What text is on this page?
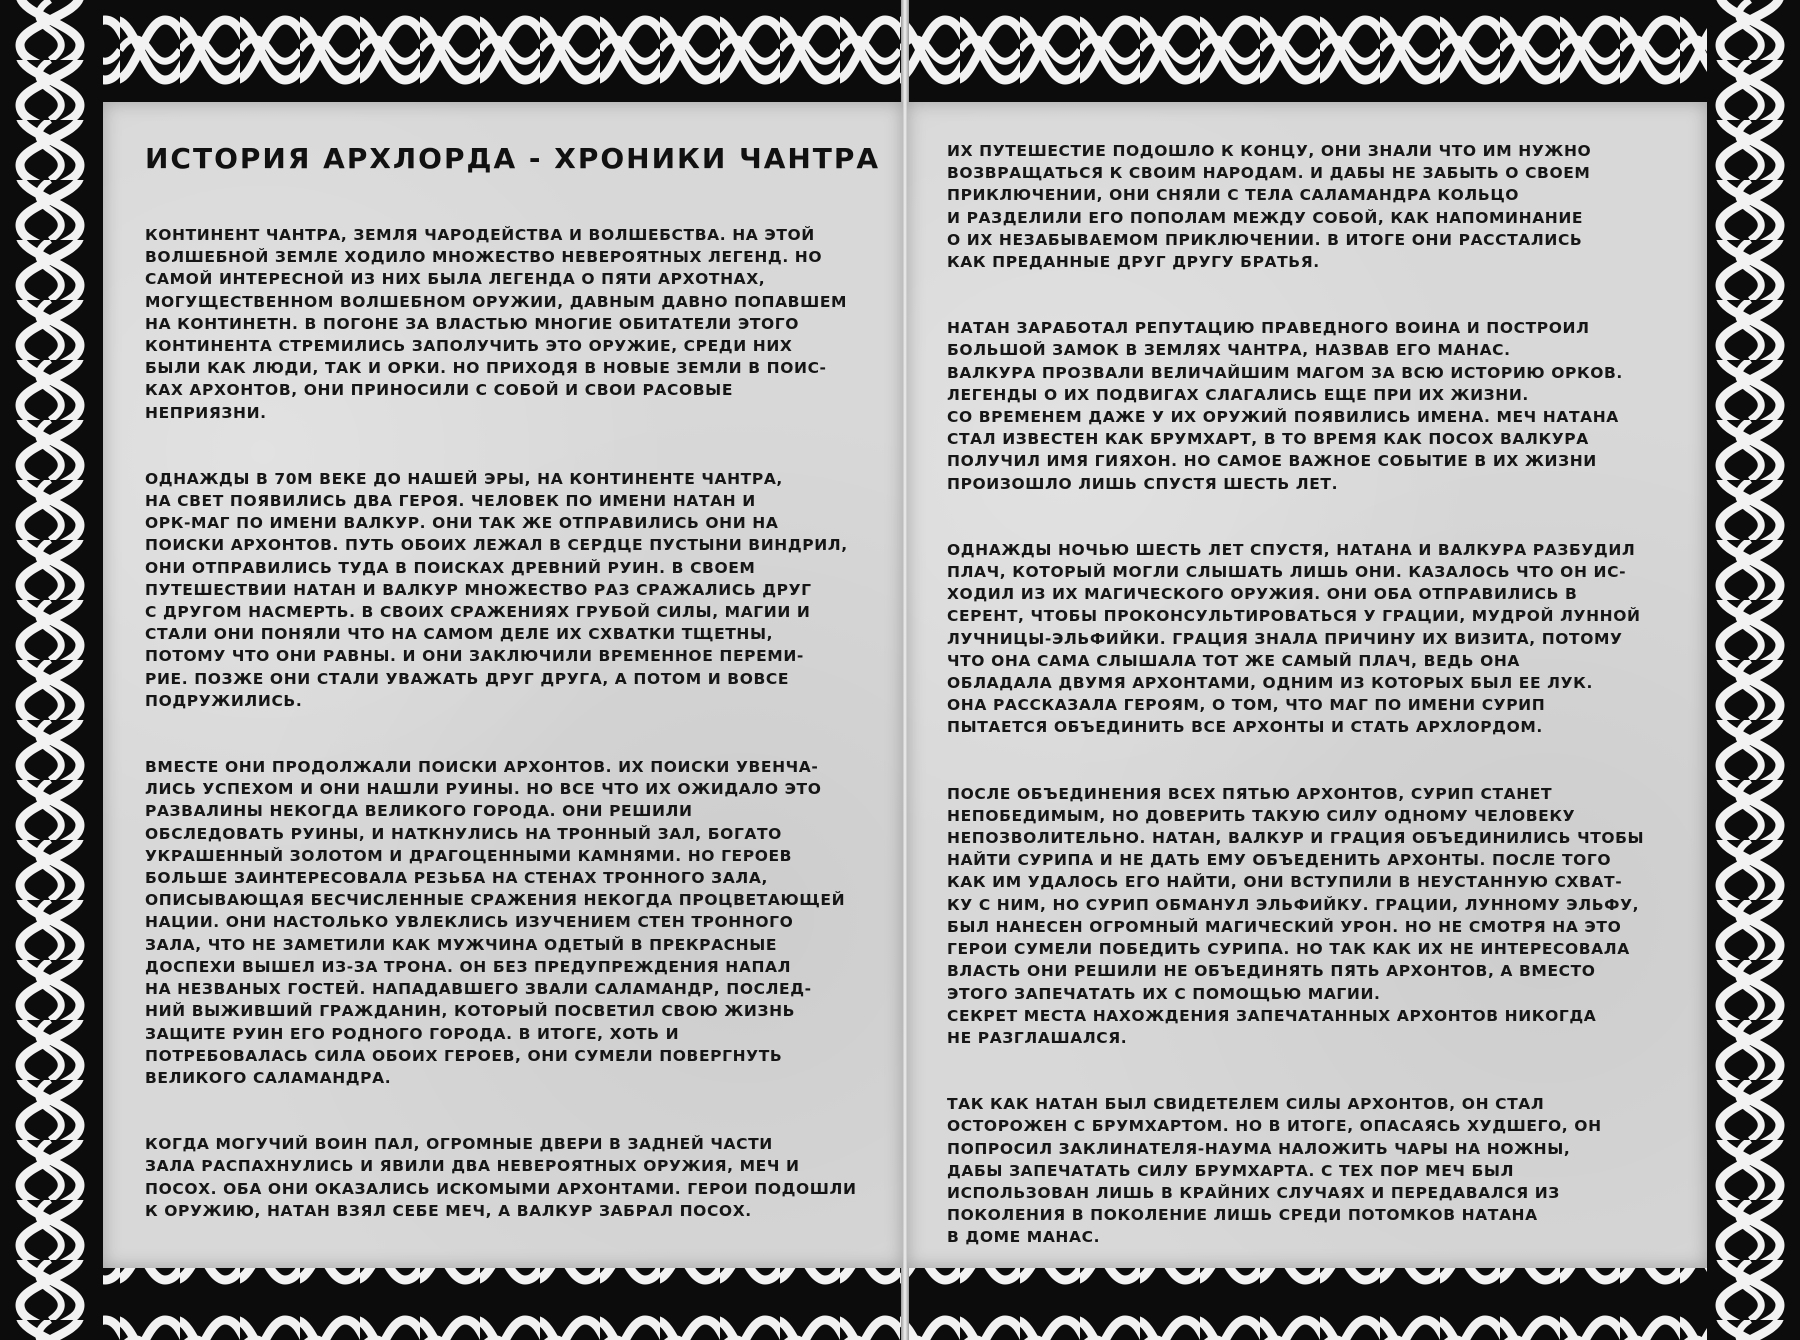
ИСТОРИЯ АРХЛОРДА - ХРОНИКИ ЧАНТРА

КОНТИНЕНТ ЧАНТРА, ЗЕМЛЯ ЧАРОДЕЙСТВА И ВОЛШЕБСТВА. НА ЭТОЙ
ВОЛШЕБНОЙ ЗЕМЛЕ ХОДИЛО МНОЖЕСТВО НЕВЕРОЯТНЫХ ЛЕГЕНД. НО
САМОЙ ИНТЕРЕСНОЙ ИЗ НИХ БЫЛА ЛЕГЕНДА О ПЯТИ АРХОТНАХ,
МОГУЩЕСТВЕННОМ ВОЛШЕБНОМ ОРУЖИИ, ДАВНЫМ ДАВНО ПОПАВШЕМ
НА КОНТИНЕТН. В ПОГОНЕ ЗА ВЛАСТЬЮ МНОГИЕ ОБИТАТЕЛИ ЭТОГО
КОНТИНЕНТА СТРЕМИЛИСЬ ЗАПОЛУЧИТЬ ЭТО ОРУЖИЕ, СРЕДИ НИХ
БЫЛИ КАК ЛЮДИ, ТАК И ОРКИ. НО ПРИХОДЯ В НОВЫЕ ЗЕМЛИ В ПОИС-
КАХ АРХОНТОВ, ОНИ ПРИНОСИЛИ С СОБОЙ И СВОИ РАСОВЫЕ
НЕПРИЯЗНИ.

ОДНАЖДЫ В 70М ВЕКЕ ДО НАШЕЙ ЭРЫ, НА КОНТИНЕНТЕ ЧАНТРА,
НА СВЕТ ПОЯВИЛИСЬ ДВА ГЕРОЯ. ЧЕЛОВЕК ПО ИМЕНИ НАТАН И
ОРК-МАГ ПО ИМЕНИ ВАЛКУР. ОНИ ТАК ЖЕ ОТПРАВИЛИСЬ ОНИ НА
ПОИСКИ АРХОНТОВ. ПУТЬ ОБОИХ ЛЕЖАЛ В СЕРДЦЕ ПУСТЫНИ ВИНДРИЛ,
ОНИ ОТПРАВИЛИСЬ ТУДА В ПОИСКАХ ДРЕВНИЙ РУИН. В СВОЕМ
ПУТЕШЕСТВИИ НАТАН И ВАЛКУР МНОЖЕСТВО РАЗ СРАЖАЛИСЬ ДРУГ
С ДРУГОМ НАСМЕРТЬ. В СВОИХ СРАЖЕНИЯХ ГРУБОЙ СИЛЫ, МАГИИ И
СТАЛИ ОНИ ПОНЯЛИ ЧТО НА САМОМ ДЕЛЕ ИХ СХВАТКИ ТЩЕТНЫ,
ПОТОМУ ЧТО ОНИ РАВНЫ. И ОНИ ЗАКЛЮЧИЛИ ВРЕМЕННОЕ ПЕРЕМИ-
РИЕ. ПОЗЖЕ ОНИ СТАЛИ УВАЖАТЬ ДРУГ ДРУГА, А ПОТОМ И ВОВСЕ
ПОДРУЖИЛИСЬ.

ВМЕСТЕ ОНИ ПРОДОЛЖАЛИ ПОИСКИ АРХОНТОВ. ИХ ПОИСКИ УВЕНЧА-
ЛИСЬ УСПЕХОМ И ОНИ НАШЛИ РУИНЫ. НО ВСЕ ЧТО ИХ ОЖИДАЛО ЭТО
РАЗВАЛИНЫ НЕКОГДА ВЕЛИКОГО ГОРОДА. ОНИ РЕШИЛИ
ОБСЛЕДОВАТЬ РУИНЫ, И НАТКНУЛИСЬ НА ТРОННЫЙ ЗАЛ, БОГАТО
УКРАШЕННЫЙ ЗОЛОТОМ И ДРАГОЦЕННЫМИ КАМНЯМИ. НО ГЕРОЕВ
БОЛЬШЕ ЗАИНТЕРЕСОВАЛА РЕЗЬБА НА СТЕНАХ ТРОННОГО ЗАЛА,
ОПИСЫВАЮЩАЯ БЕСЧИСЛЕННЫЕ СРАЖЕНИЯ НЕКОГДА ПРОЦВЕТАЮЩЕЙ
НАЦИИ. ОНИ НАСТОЛЬКО УВЛЕКЛИСЬ ИЗУЧЕНИЕМ СТЕН ТРОННОГО
ЗАЛА, ЧТО НЕ ЗАМЕТИЛИ КАК МУЖЧИНА ОДЕТЫЙ В ПРЕКРАСНЫЕ
ДОСПЕХИ ВЫШЕЛ ИЗ-ЗА ТРОНА. ОН БЕЗ ПРЕДУПРЕЖДЕНИЯ НАПАЛ
НА НЕЗВАНЫХ ГОСТЕЙ. НАПАДАВШЕГО ЗВАЛИ САЛАМАНДР, ПОСЛЕД-
НИЙ ВЫЖИВШИЙ ГРАЖДАНИН, КОТОРЫЙ ПОСВЕТИЛ СВОЮ ЖИЗНЬ
ЗАЩИТЕ РУИН ЕГО РОДНОГО ГОРОДА. В ИТОГЕ, ХОТЬ И
ПОТРЕБОВАЛАСЬ СИЛА ОБОИХ ГЕРОЕВ, ОНИ СУМЕЛИ ПОВЕРГНУТЬ
ВЕЛИКОГО САЛАМАНДРА.

КОГДА МОГУЧИЙ ВОИН ПАЛ, ОГРОМНЫЕ ДВЕРИ В ЗАДНЕЙ ЧАСТИ
ЗАЛА РАСПАХНУЛИСЬ И ЯВИЛИ ДВА НЕВЕРОЯТНЫХ ОРУЖИЯ, МЕЧ И
ПОСОХ. ОБА ОНИ ОКАЗАЛИСЬ ИСКОМЫМИ АРХОНТАМИ. ГЕРОИ ПОДОШЛИ
К ОРУЖИЮ, НАТАН ВЗЯЛ СЕБЕ МЕЧ, А ВАЛКУР ЗАБРАЛ ПОСОХ.

ИХ ПУТЕШЕСТИЕ ПОДОШЛО К КОНЦУ, ОНИ ЗНАЛИ ЧТО ИМ НУЖНО
ВОЗВРАЩАТЬСЯ К СВОИМ НАРОДАМ. И ДАБЫ НЕ ЗАБЫТЬ О СВОЕМ
ПРИКЛЮЧЕНИИ, ОНИ СНЯЛИ С ТЕЛА САЛАМАНДРА КОЛЬЦО
И РАЗДЕЛИЛИ ЕГО ПОПОЛАМ МЕЖДУ СОБОЙ, КАК НАПОМИНАНИЕ
О ИХ НЕЗАБЫВАЕМОМ ПРИКЛЮЧЕНИИ. В ИТОГЕ ОНИ РАССТАЛИСЬ
КАК ПРЕДАННЫЕ ДРУГ ДРУГУ БРАТЬЯ.

НАТАН ЗАРАБОТАЛ РЕПУТАЦИЮ ПРАВЕДНОГО ВОИНА И ПОСТРОИЛ
БОЛЬШОЙ ЗАМОК В ЗЕМЛЯХ ЧАНТРА, НАЗВАВ ЕГО МАНАС.
ВАЛКУРА ПРОЗВАЛИ ВЕЛИЧАЙШИМ МАГОМ ЗА ВСЮ ИСТОРИЮ ОРКОВ.
ЛЕГЕНДЫ О ИХ ПОДВИГАХ СЛАГАЛИСЬ ЕЩЕ ПРИ ИХ ЖИЗНИ.
СО ВРЕМЕНЕМ ДАЖЕ У ИХ ОРУЖИЙ ПОЯВИЛИСЬ ИМЕНА. МЕЧ НАТАНА
СТАЛ ИЗВЕСТЕН КАК БРУМХАРТ, В ТО ВРЕМЯ КАК ПОСОХ ВАЛКУРА
ПОЛУЧИЛ ИМЯ ГИЯХОН. НО САМОЕ ВАЖНОЕ СОБЫТИЕ В ИХ ЖИЗНИ
ПРОИЗОШЛО ЛИШЬ СПУСТЯ ШЕСТЬ ЛЕТ.

ОДНАЖДЫ НОЧЬЮ ШЕСТЬ ЛЕТ СПУСТЯ, НАТАНА И ВАЛКУРА РАЗБУДИЛ
ПЛАЧ, КОТОРЫЙ МОГЛИ СЛЫШАТЬ ЛИШЬ ОНИ. КАЗАЛОСЬ ЧТО ОН ИС-
ХОДИЛ ИЗ ИХ МАГИЧЕСКОГО ОРУЖИЯ. ОНИ ОБА ОТПРАВИЛИСЬ В
СЕРЕНТ, ЧТОБЫ ПРОКОНСУЛЬТИРОВАТЬСЯ У ГРАЦИИ, МУДРОЙ ЛУННОЙ
ЛУЧНИЦЫ-ЭЛЬФИЙКИ. ГРАЦИЯ ЗНАЛА ПРИЧИНУ ИХ ВИЗИТА, ПОТОМУ
ЧТО ОНА САМА СЛЫШАЛА ТОТ ЖЕ САМЫЙ ПЛАЧ, ВЕДЬ ОНА
ОБЛАДАЛА ДВУМЯ АРХОНТАМИ, ОДНИМ ИЗ КОТОРЫХ БЫЛ ЕЕ ЛУК.
ОНА РАССКАЗАЛА ГЕРОЯМ, О ТОМ, ЧТО МАГ ПО ИМЕНИ СУРИП
ПЫТАЕТСЯ ОБЪЕДИНИТЬ ВСЕ АРХОНТЫ И СТАТЬ АРХЛОРДОМ.

ПОСЛЕ ОБЪЕДИНЕНИЯ ВСЕХ ПЯТЬЮ АРХОНТОВ, СУРИП СТАНЕТ
НЕПОБЕДИМЫМ, НО ДОВЕРИТЬ ТАКУЮ СИЛУ ОДНОМУ ЧЕЛОВЕКУ
НЕПОЗВОЛИТЕЛЬНО. НАТАН, ВАЛКУР И ГРАЦИЯ ОБЪЕДИНИЛИСЬ ЧТОБЫ
НАЙТИ СУРИПА И НЕ ДАТЬ ЕМУ ОБЪЕДЕНИТЬ АРХОНТЫ. ПОСЛЕ ТОГО
КАК ИМ УДАЛОСЬ ЕГО НАЙТИ, ОНИ ВСТУПИЛИ В НЕУСТАННУЮ СХВАТ-
КУ С НИМ, НО СУРИП ОБМАНУЛ ЭЛЬФИЙКУ. ГРАЦИИ, ЛУННОМУ ЭЛЬФУ,
БЫЛ НАНЕСЕН ОГРОМНЫЙ МАГИЧЕСКИЙ УРОН. НО НЕ СМОТРЯ НА ЭТО
ГЕРОИ СУМЕЛИ ПОБЕДИТЬ СУРИПА. НО ТАК КАК ИХ НЕ ИНТЕРЕСОВАЛА
ВЛАСТЬ ОНИ РЕШИЛИ НЕ ОБЪЕДИНЯТЬ ПЯТЬ АРХОНТОВ, А ВМЕСТО
ЭТОГО ЗАПЕЧАТАТЬ ИХ С ПОМОЩЬЮ МАГИИ.
СЕКРЕТ МЕСТА НАХОЖДЕНИЯ ЗАПЕЧАТАННЫХ АРХОНТОВ НИКОГДА
НЕ РАЗГЛАШАЛСЯ.

ТАК КАК НАТАН БЫЛ СВИДЕТЕЛЕМ СИЛЫ АРХОНТОВ, ОН СТАЛ
ОСТОРОЖЕН С БРУМХАРТОМ. НО В ИТОГЕ, ОПАСАЯСЬ ХУДШЕГО, ОН
ПОПРОСИЛ ЗАКЛИНАТЕЛЯ-НАУМА НАЛОЖИТЬ ЧАРЫ НА НОЖНЫ,
ДАБЫ ЗАПЕЧАТАТЬ СИЛУ БРУМХАРТА. С ТЕХ ПОР МЕЧ БЫЛ
ИСПОЛЬЗОВАН ЛИШЬ В КРАЙНИХ СЛУЧАЯХ И ПЕРЕДАВАЛСЯ ИЗ
ПОКОЛЕНИЯ В ПОКОЛЕНИЕ ЛИШЬ СРЕДИ ПОТОМКОВ НАТАНА
В ДОМЕ МАНАС.
